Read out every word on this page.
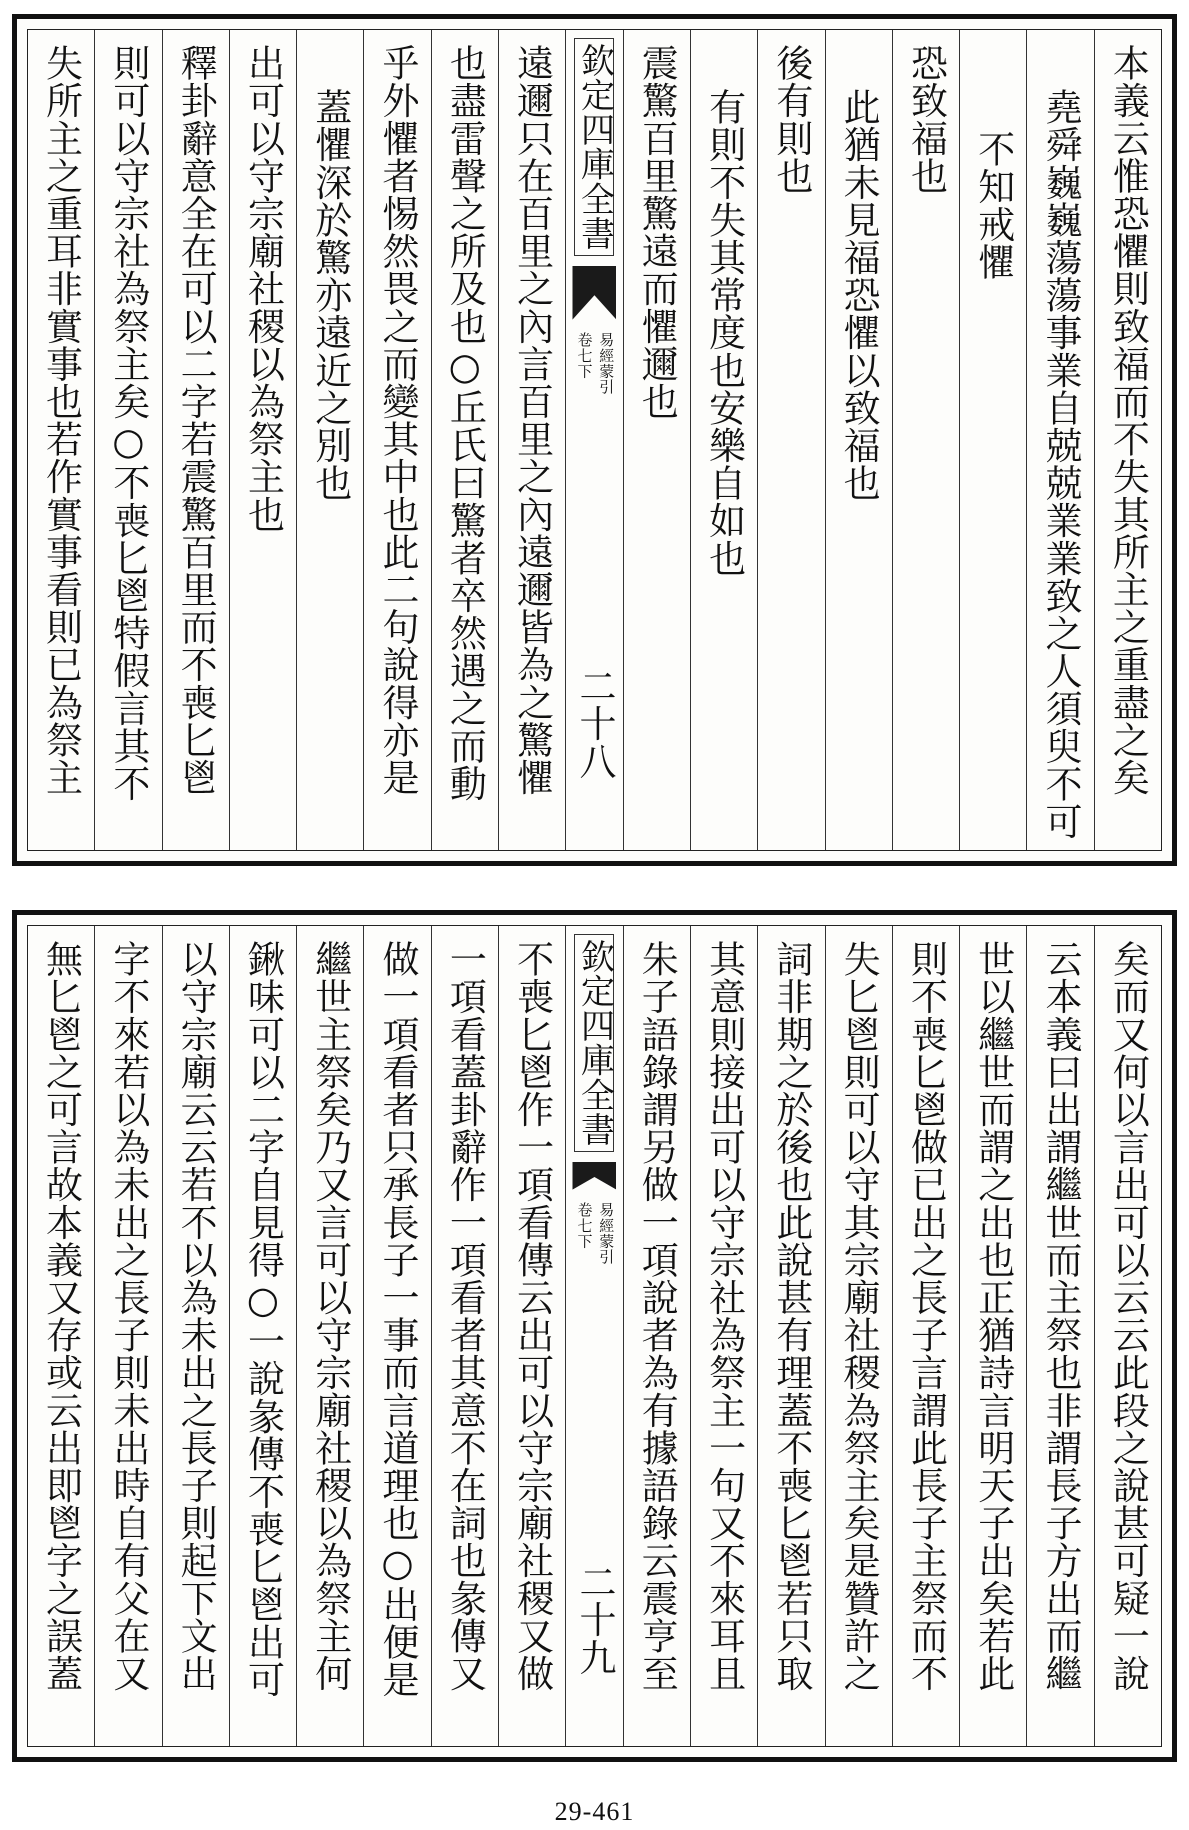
本義云惟恐懼則致福而不失其所主之重盡之矣
堯舜巍巍蕩蕩事業自兢兢業業致之人須臾不可
不知戒懼
恐致福也
此猶未見福恐懼以致福也
後有則也
有則不失其常度也安樂自如也
震驚百里驚遠而懼邇也
欽定四庫全書
易經蒙引
卷七下
二十八
遠邇只在百里之內言百里之內遠邇皆為之驚懼
也盡雷聲之所及也○丘氏曰驚者卒然遇之而動
乎外懼者惕然畏之而變其中也此二句說得亦是
蓋懼深於驚亦遠近之別也
出可以守宗廟社稷以為祭主也
釋卦辭意全在可以二字若震驚百里而不喪匕鬯
則可以守宗社為祭主矣○不喪匕鬯特假言其不
失所主之重耳非實事也若作實事看則已為祭主
矣而又何以言出可以云云此段之說甚可疑一說
云本義曰出謂繼世而主祭也非謂長子方出而繼
世以繼世而謂之出也正猶詩言明天子出矣若此
則不喪匕鬯做已出之長子言謂此長子主祭而不
失匕鬯則可以守其宗廟社稷為祭主矣是贊許之
詞非期之於後也此說甚有理蓋不喪匕鬯若只取
其意則接出可以守宗社為祭主一句又不來耳且
朱子語錄謂另做一項說者為有據語錄云震亨至
欽定四庫全書
易經蒙引
卷七下
二十九
不喪匕鬯作一項看傳云出可以守宗廟社稷又做
一項看蓋卦辭作一項看者其意不在詞也彖傳又
做一項看者只承長子一事而言道理也○出便是
繼世主祭矣乃又言可以守宗廟社稷以為祭主何
鍬味可以二字自見得○一說彖傳不喪匕鬯出可
以守宗廟云云若不以為未出之長子則起下文出
字不來若以為未出之長子則未出時自有父在又
無匕鬯之可言故本義又存或云出即鬯字之誤蓋
29-461
